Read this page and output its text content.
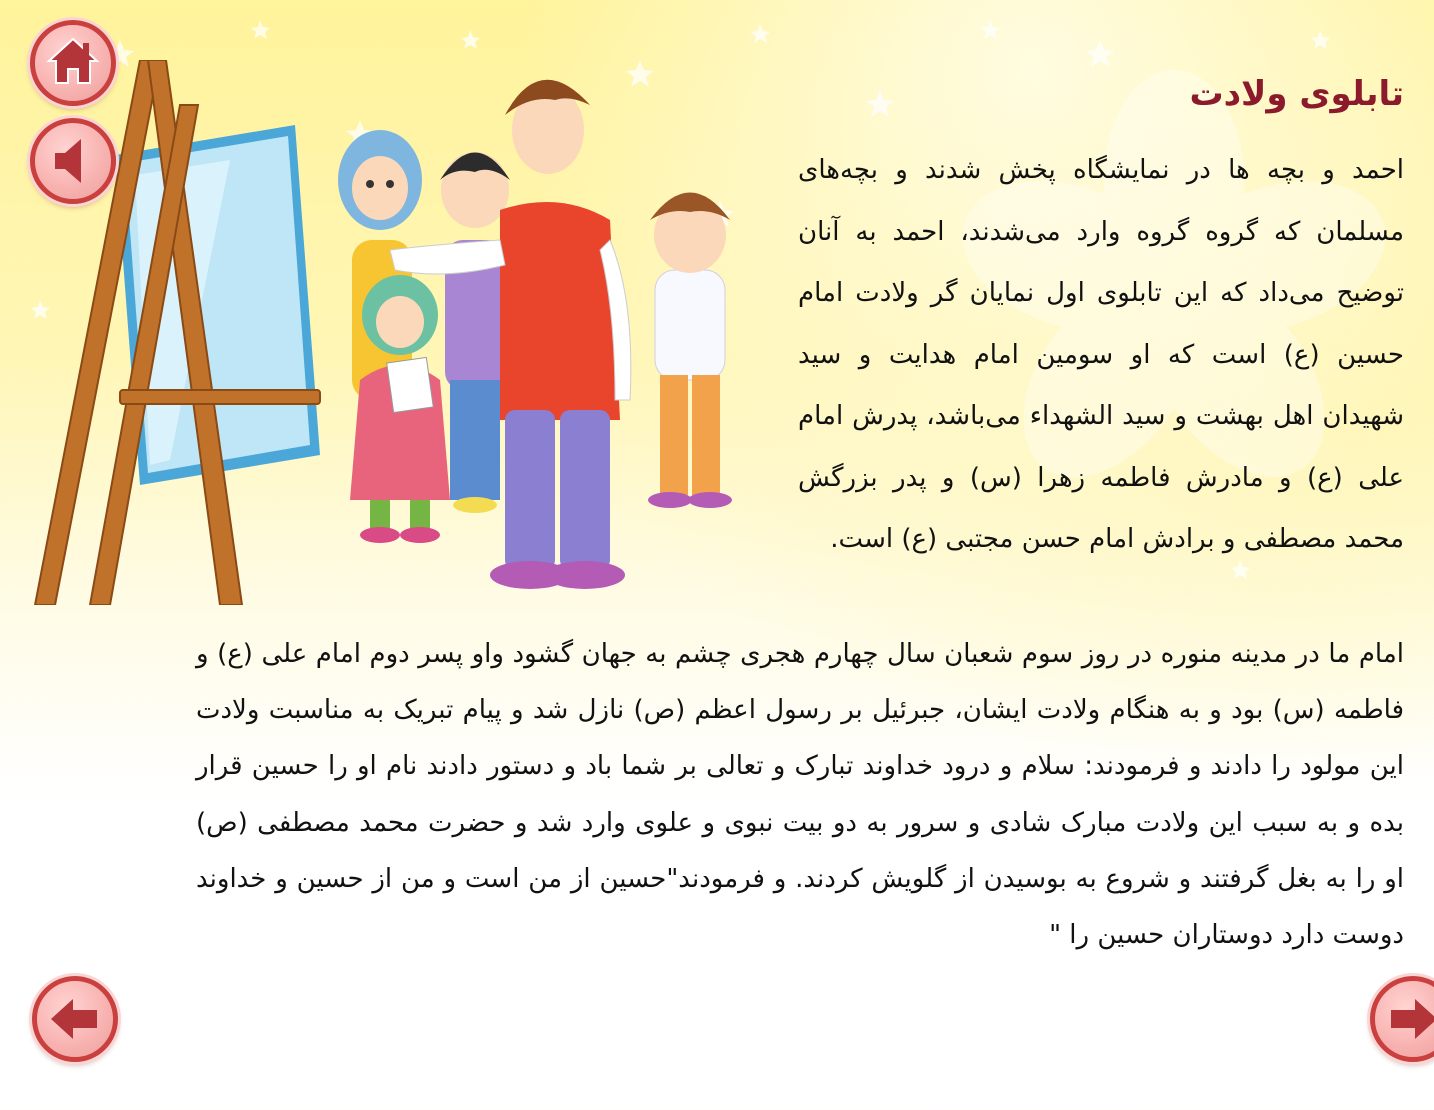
تابلوی ولادت

احمد و بچه ها در نمایشگاه پخش شدند و بچه‌های مسلمان که گروه گروه وارد می‌شدند، احمد به آنان توضیح می‌داد که این تابلوی اول نمایان گر ولادت امام حسین (ع) است که او سومین امام هدایت و سید شهیدان اهل بهشت و سید الشهداء می‌باشد، پدرش امام علی (ع) و مادرش فاطمه زهرا (س) و پدر بزرگش محمد مصطفی و برادش امام حسن مجتبی (ع) است.

امام ما در مدینه منوره در روز سوم شعبان سال چهارم هجری چشم به جهان گشود واو پسر دوم امام علی (ع) و فاطمه (س) بود و به هنگام ولادت ایشان، جبرئیل بر رسول اعظم (ص) نازل شد و پیام تبریک به مناسبت ولادت این مولود را دادند و فرمودند: سلام و درود خداوند تبارک و تعالی بر شما باد و دستور دادند نام او را حسین قرار بده و به سبب این ولادت مبارک شادی و سرور به دو بیت نبوی و علوی وارد شد و حضرت محمد مصطفی (ص) او را به بغل گرفتند و شروع به بوسیدن از گلویش کردند. و فرمودند"حسین از من است و من از حسین و خداوند دوست دارد دوستاران حسین را "
